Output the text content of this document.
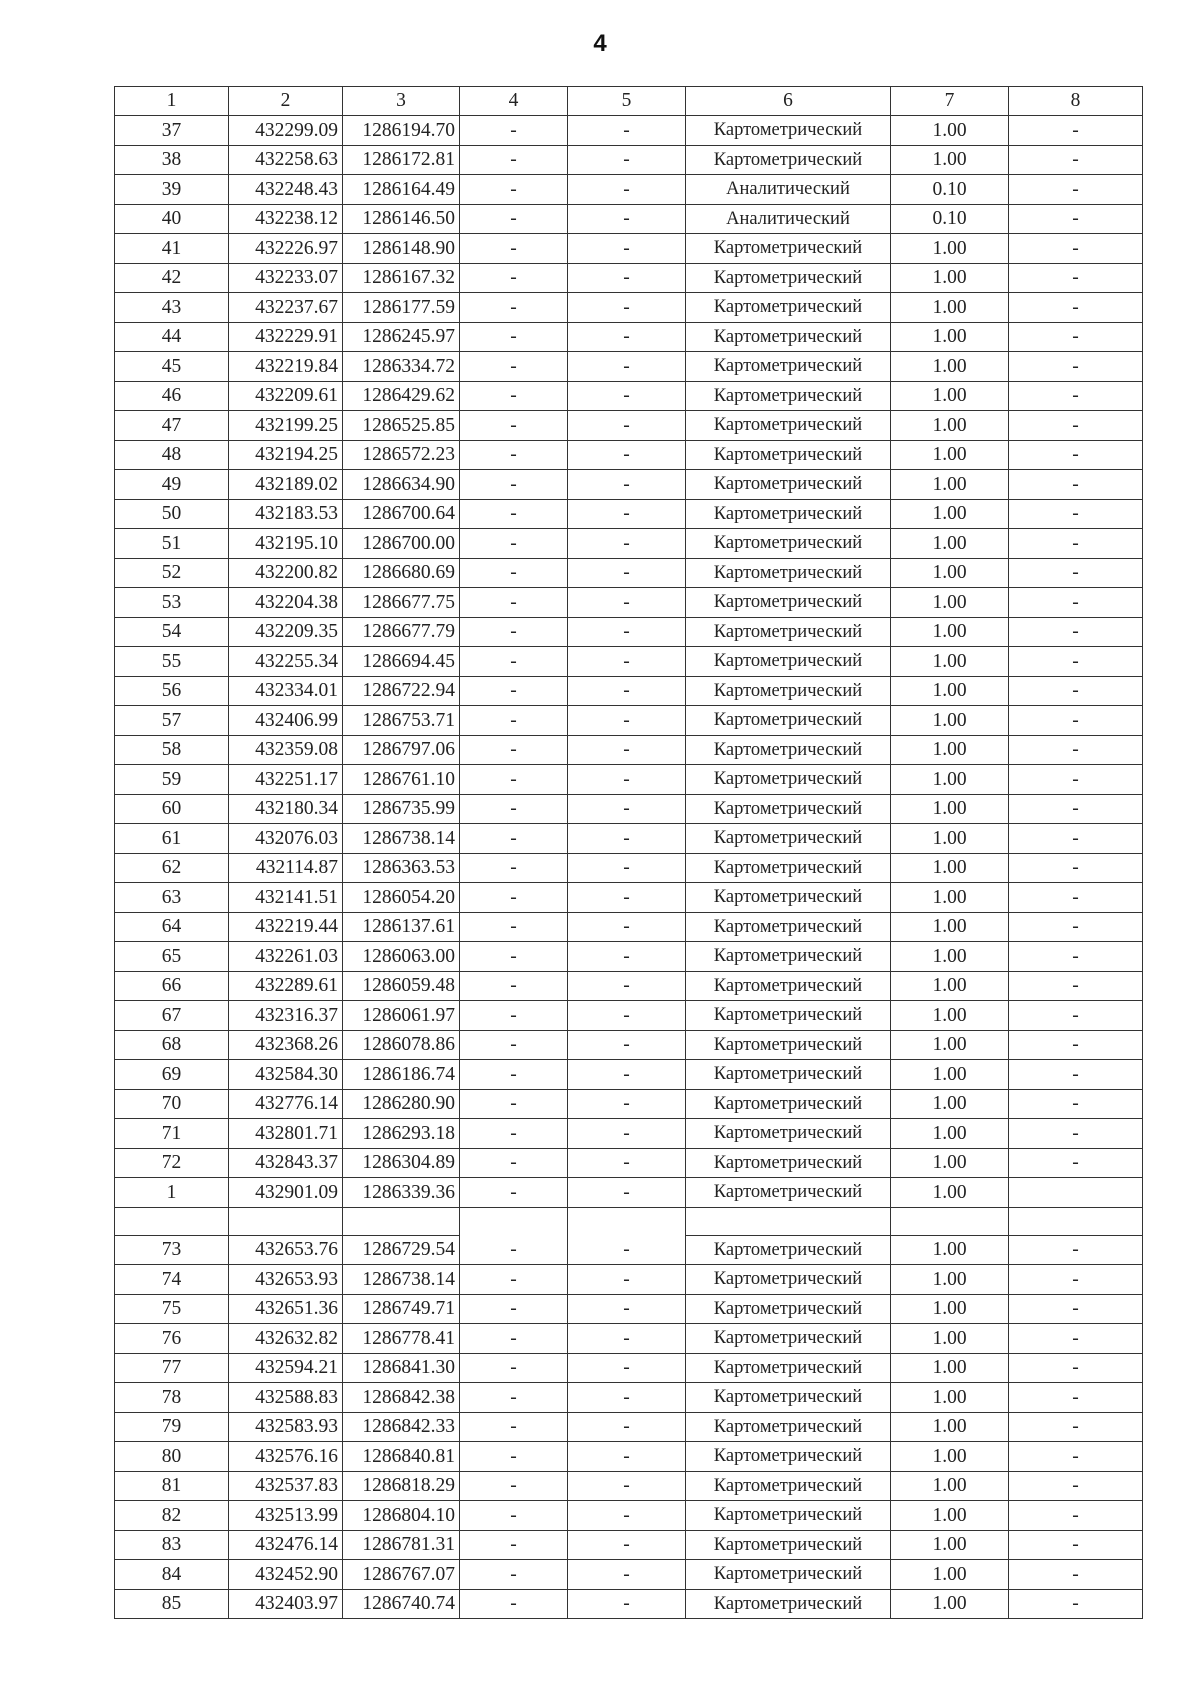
4
1	2	3	4	5	6	7	8
37	432299.09	1286194.70	-	-	Картометрический	1.00	-
38	432258.63	1286172.81	-	-	Картометрический	1.00	-
39	432248.43	1286164.49	-	-	Аналитический	0.10	-
40	432238.12	1286146.50	-	-	Аналитический	0.10	-
41	432226.97	1286148.90	-	-	Картометрический	1.00	-
42	432233.07	1286167.32	-	-	Картометрический	1.00	-
43	432237.67	1286177.59	-	-	Картометрический	1.00	-
44	432229.91	1286245.97	-	-	Картометрический	1.00	-
45	432219.84	1286334.72	-	-	Картометрический	1.00	-
46	432209.61	1286429.62	-	-	Картометрический	1.00	-
47	432199.25	1286525.85	-	-	Картометрический	1.00	-
48	432194.25	1286572.23	-	-	Картометрический	1.00	-
49	432189.02	1286634.90	-	-	Картометрический	1.00	-
50	432183.53	1286700.64	-	-	Картометрический	1.00	-
51	432195.10	1286700.00	-	-	Картометрический	1.00	-
52	432200.82	1286680.69	-	-	Картометрический	1.00	-
53	432204.38	1286677.75	-	-	Картометрический	1.00	-
54	432209.35	1286677.79	-	-	Картометрический	1.00	-
55	432255.34	1286694.45	-	-	Картометрический	1.00	-
56	432334.01	1286722.94	-	-	Картометрический	1.00	-
57	432406.99	1286753.71	-	-	Картометрический	1.00	-
58	432359.08	1286797.06	-	-	Картометрический	1.00	-
59	432251.17	1286761.10	-	-	Картометрический	1.00	-
60	432180.34	1286735.99	-	-	Картометрический	1.00	-
61	432076.03	1286738.14	-	-	Картометрический	1.00	-
62	432114.87	1286363.53	-	-	Картометрический	1.00	-
63	432141.51	1286054.20	-	-	Картометрический	1.00	-
64	432219.44	1286137.61	-	-	Картометрический	1.00	-
65	432261.03	1286063.00	-	-	Картометрический	1.00	-
66	432289.61	1286059.48	-	-	Картометрический	1.00	-
67	432316.37	1286061.97	-	-	Картометрический	1.00	-
68	432368.26	1286078.86	-	-	Картометрический	1.00	-
69	432584.30	1286186.74	-	-	Картометрический	1.00	-
70	432776.14	1286280.90	-	-	Картометрический	1.00	-
71	432801.71	1286293.18	-	-	Картометрический	1.00	-
72	432843.37	1286304.89	-	-	Картометрический	1.00	-
1	432901.09	1286339.36	-	-	Картометрический	1.00	

73	432653.76	1286729.54	-	-	Картометрический	1.00	-
74	432653.93	1286738.14	-	-	Картометрический	1.00	-
75	432651.36	1286749.71	-	-	Картометрический	1.00	-
76	432632.82	1286778.41	-	-	Картометрический	1.00	-
77	432594.21	1286841.30	-	-	Картометрический	1.00	-
78	432588.83	1286842.38	-	-	Картометрический	1.00	-
79	432583.93	1286842.33	-	-	Картометрический	1.00	-
80	432576.16	1286840.81	-	-	Картометрический	1.00	-
81	432537.83	1286818.29	-	-	Картометрический	1.00	-
82	432513.99	1286804.10	-	-	Картометрический	1.00	-
83	432476.14	1286781.31	-	-	Картометрический	1.00	-
84	432452.90	1286767.07	-	-	Картометрический	1.00	-
85	432403.97	1286740.74	-	-	Картометрический	1.00	-
